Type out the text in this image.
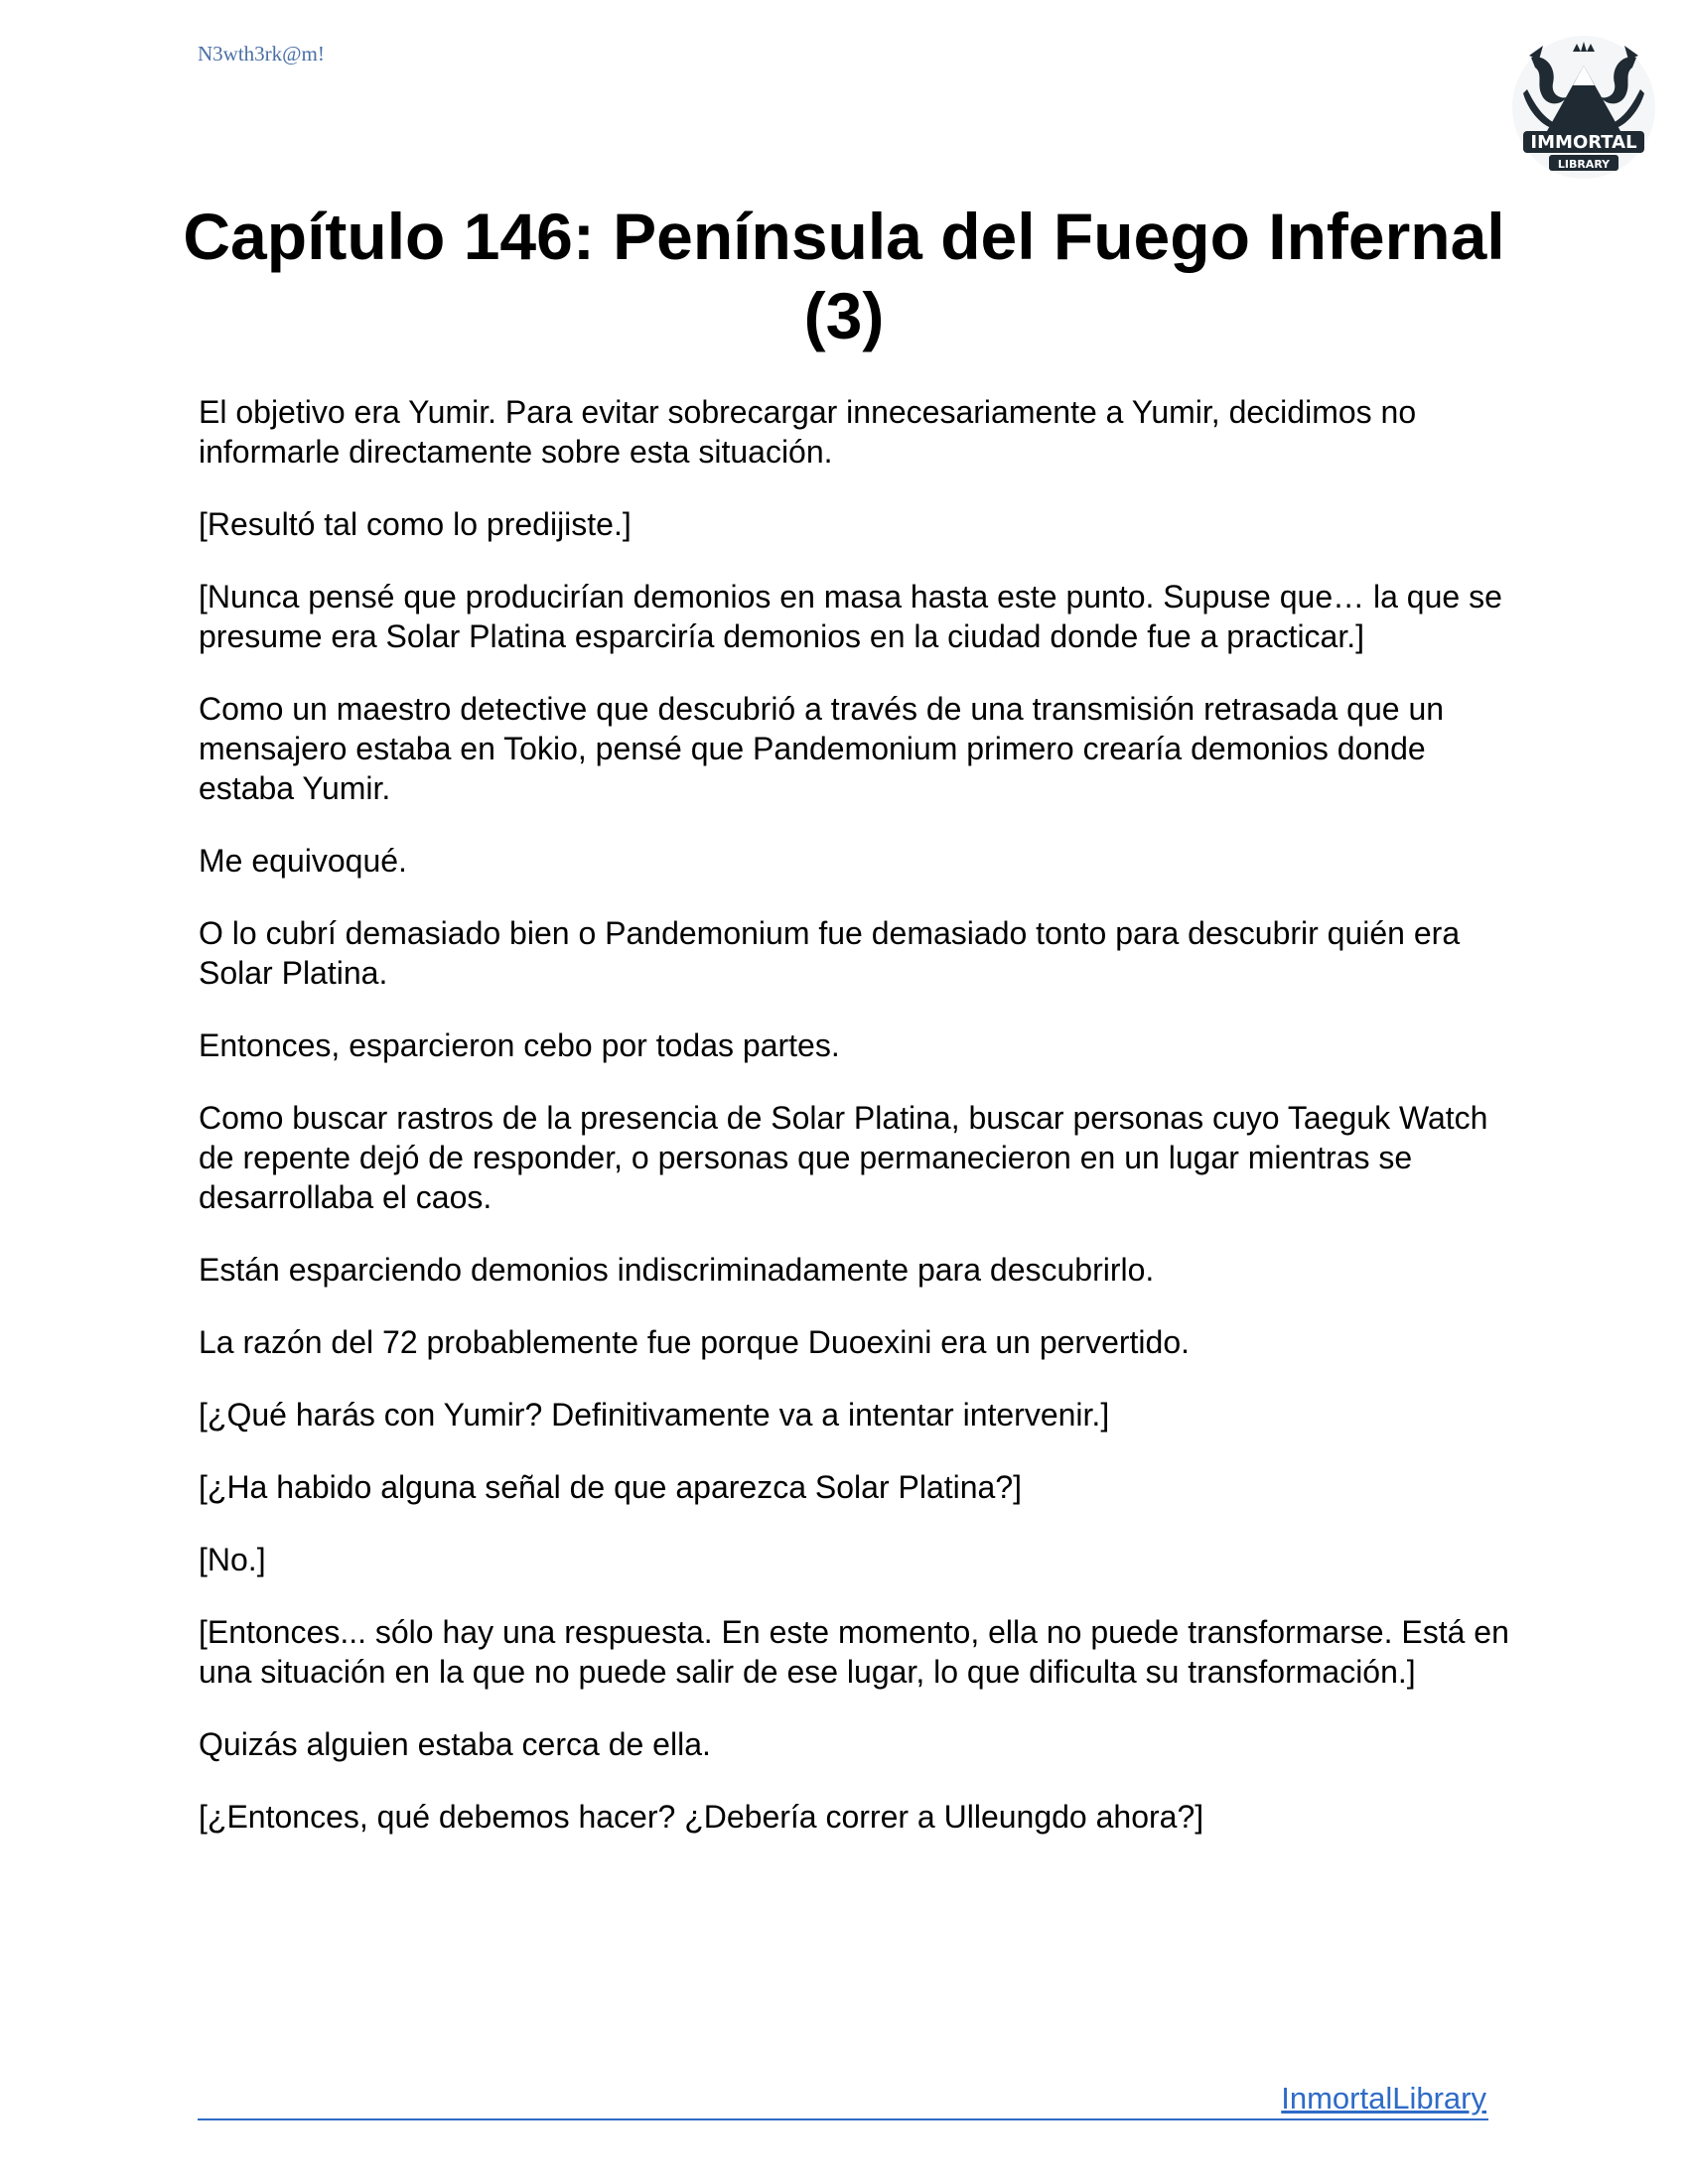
N3wth3rk@m!
IMMORTAL
LIBRARY
Capítulo 146: Península del Fuego Infernal (3)

El objetivo era Yumir. Para evitar sobrecargar innecesariamente a Yumir, decidimos no informarle directamente sobre esta situación.

[Resultó tal como lo predijiste.]

[Nunca pensé que producirían demonios en masa hasta este punto. Supuse que… la que se presume era Solar Platina esparciría demonios en la ciudad donde fue a practicar.]

Como un maestro detective que descubrió a través de una transmisión retrasada que un mensajero estaba en Tokio, pensé que Pandemonium primero crearía demonios donde estaba Yumir.

Me equivoqué.

O lo cubrí demasiado bien o Pandemonium fue demasiado tonto para descubrir quién era Solar Platina.

Entonces, esparcieron cebo por todas partes.

Como buscar rastros de la presencia de Solar Platina, buscar personas cuyo Taeguk Watch de repente dejó de responder, o personas que permanecieron en un lugar mientras se desarrollaba el caos.

Están esparciendo demonios indiscriminadamente para descubrirlo.

La razón del 72 probablemente fue porque Duoexini era un pervertido.

[¿Qué harás con Yumir? Definitivamente va a intentar intervenir.]

[¿Ha habido alguna señal de que aparezca Solar Platina?]

[No.]

[Entonces... sólo hay una respuesta. En este momento, ella no puede transformarse. Está en una situación en la que no puede salir de ese lugar, lo que dificulta su transformación.]

Quizás alguien estaba cerca de ella.

[¿Entonces, qué debemos hacer? ¿Debería correr a Ulleungdo ahora?]

InmortalLibrary
